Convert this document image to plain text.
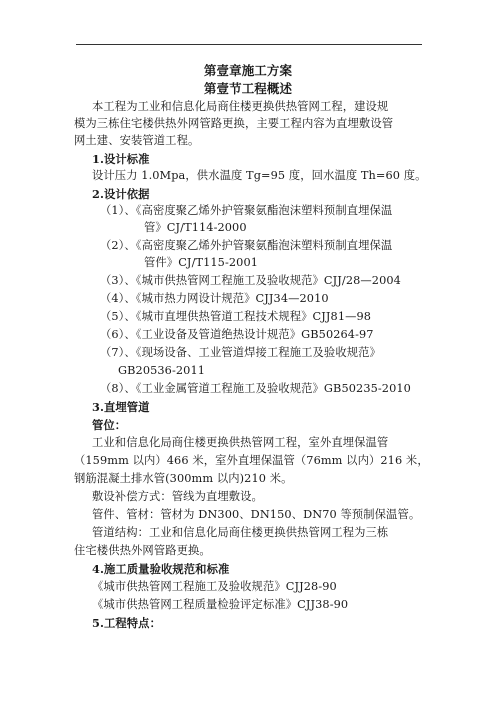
第壹章施工方案
第壹节工程概述
本工程为工业和信息化局商住楼更换供热管网工程，建设规
模为三栋住宅楼供热外网管路更换，主要工程内容为直埋敷设管
网土建、安装管道工程。
1.设计标准
设计压力 1.0Mpa，供水温度 Tg=95 度，回水温度 Th=60 度。
2.设计依据
（1）、《高密度聚乙烯外护管聚氨酯泡沫塑料预制直埋保温
管》CJ/T114-2000
（2）、《高密度聚乙烯外护管聚氨酯泡沫塑料预制直埋保温
管件》CJ/T115-2001
（3）、《城市供热管网工程施工及验收规范》CJJ/28—2004
（4）、《城市热力网设计规范》CJJ34—2010
（5）、《城市直埋供热管道工程技术规程》CJJ81—98
（6）、《工业设备及管道绝热设计规范》GB50264-97
（7）、《现场设备、工业管道焊接工程施工及验收规范》
GB20536-2011
（8）、《工业金属管道工程施工及验收规范》GB50235-2010
3.直埋管道
管位：
工业和信息化局商住楼更换供热管网工程，室外直埋保温管
（159mm 以内）466 米，室外直埋保温管（76mm 以内）216 米，
钢筋混凝土排水管(300mm 以内)210 米。
敷设补偿方式：管线为直埋敷设。
管件、管材：管材为 DN300、DN150、DN70 等预制保温管。
管道结构：工业和信息化局商住楼更换供热管网工程为三栋
住宅楼供热外网管路更换。
4.施工质量验收规范和标准
《城市供热管网工程施工及验收规范》CJJ28-90
《城市供热管网工程质量检验评定标准》CJJ38-90
5.工程特点：
